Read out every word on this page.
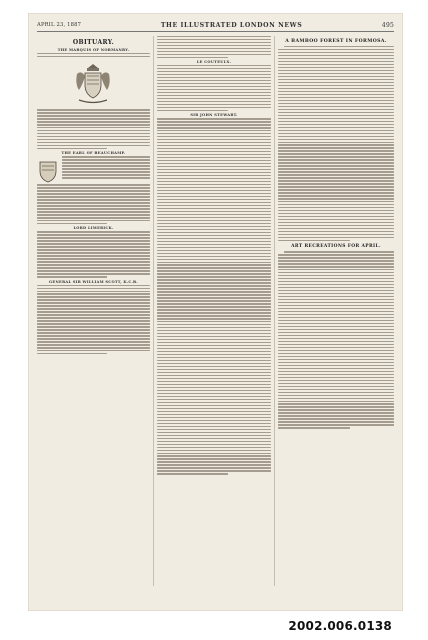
APRIL 23, 1887	THE ILLUSTRATED LONDON NEWS	495
OBITUARY.
THE MARQUIS OF NORMANBY.
THE EARL OF BEAUCHAMP.
LORD LIMERICK.
GENERAL SIR WILLIAM SCOTT, K.C.B.
LE COUTEULX.
SIR JOHN STEWART.
A BAMBOO FOREST IN FORMOSA.
ART RECREATIONS FOR APRIL.
2002.006.0138
